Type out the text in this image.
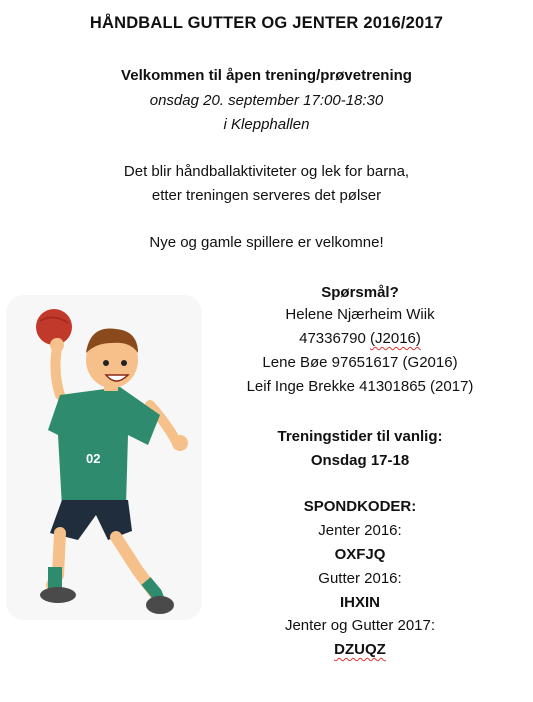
HÅNDBALL GUTTER OG JENTER 2016/2017
Velkommen til åpen trening/prøvetrening
onsdag 20. september 17:00-18:30
i Klepphallen
Det blir håndballaktiviteter og lek for barna,
etter treningen serveres det pølser
Nye og gamle spillere er velkomne!
Spørsmål?
Helene Njærheim Wiik
47336790 (J2016)
Lene Bøe 97651617 (G2016)
Leif Inge Brekke 41301865 (2017)
Treningstider til vanlig:
Onsdag 17-18
SPONDKODER:
Jenter 2016:
OXFJQ
Gutter 2016:
IHXIN
Jenter og Gutter 2017:
DZUQZ
02
